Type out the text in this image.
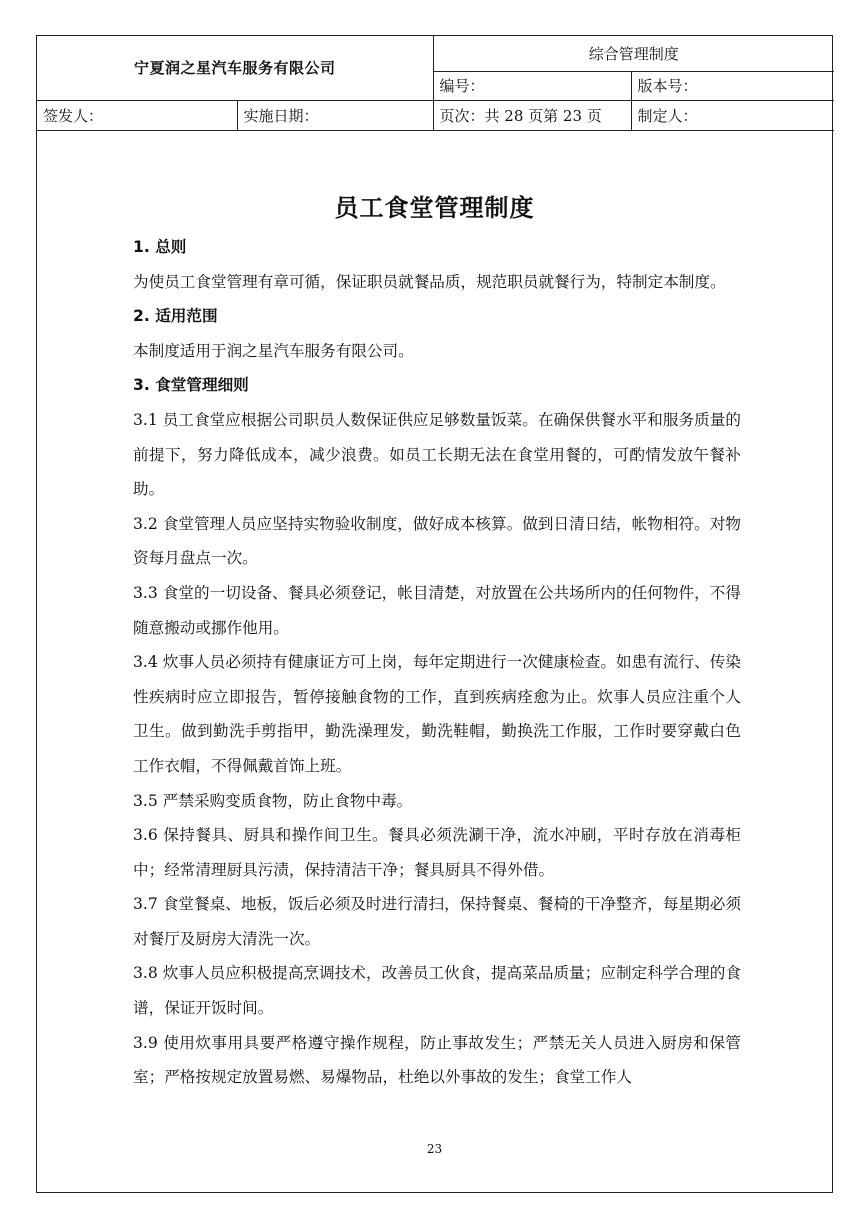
宁夏润之星汽车服务有限公司		综合管理制度	
		编号：	版本号：
签发人：	实施日期：	页次：共 28 页第 23 页	制定人：
员工食堂管理制度
1. 总则

为使员工食堂管理有章可循，保证职员就餐品质，规范职员就餐行为，特制定本制度。

2. 适用范围

本制度适用于润之星汽车服务有限公司。

3. 食堂管理细则

3.1 员工食堂应根据公司职员人数保证供应足够数量饭菜。在确保供餐水平和服务质量的前提下，努力降低成本，减少浪费。如员工长期无法在食堂用餐的，可酌情发放午餐补助。

3.2 食堂管理人员应坚持实物验收制度，做好成本核算。做到日清日结，帐物相符。对物资每月盘点一次。

3.3 食堂的一切设备、餐具必须登记，帐目清楚，对放置在公共场所内的任何物件，不得随意搬动或挪作他用。

3.4 炊事人员必须持有健康证方可上岗，每年定期进行一次健康检查。如患有流行、传染性疾病时应立即报告，暂停接触食物的工作，直到疾病痊愈为止。炊事人员应注重个人卫生。做到勤洗手剪指甲，勤洗澡理发，勤洗鞋帽，勤换洗工作服，工作时要穿戴白色工作衣帽，不得佩戴首饰上班。

3.5 严禁采购变质食物，防止食物中毒。

3.6 保持餐具、厨具和操作间卫生。餐具必须洗涮干净，流水冲刷，平时存放在消毒柜中；经常清理厨具污渍，保持清洁干净；餐具厨具不得外借。

3.7 食堂餐桌、地板，饭后必须及时进行清扫，保持餐桌、餐椅的干净整齐，每星期必须对餐厅及厨房大清洗一次。

3.8 炊事人员应积极提高烹调技术，改善员工伙食，提高菜品质量；应制定科学合理的食谱，保证开饭时间。

3.9 使用炊事用具要严格遵守操作规程，防止事故发生；严禁无关人员进入厨房和保管室；严格按规定放置易燃、易爆物品，杜绝以外事故的发生；食堂工作人

23
